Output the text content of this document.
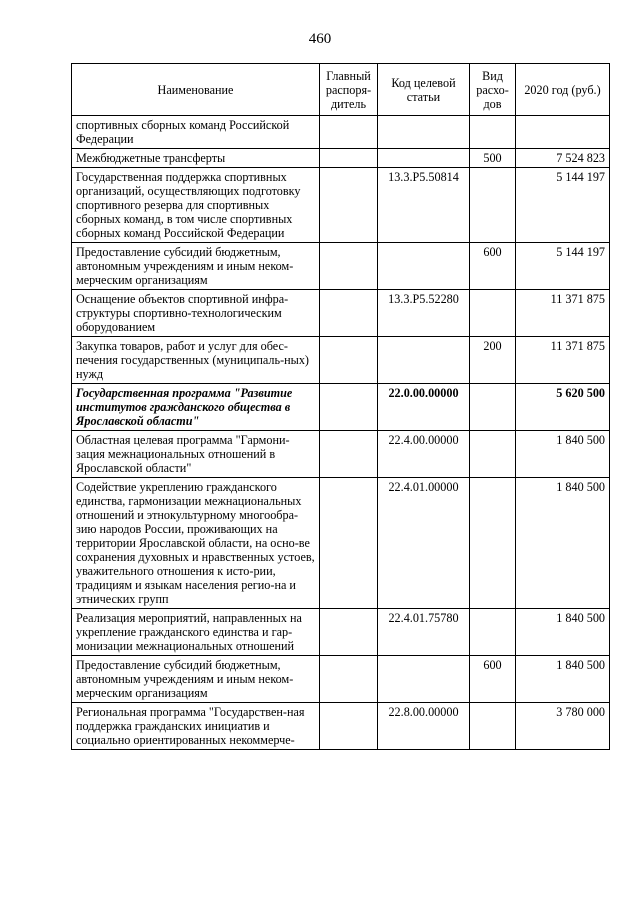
460
Наименование	Главный распоря-дитель	Код целевой статьи	Вид расхо-дов	2020 год (руб.)
спортивных сборных команд Российской Федерации				
Межбюджетные трансферты			500	7 524 823
Государственная поддержка спортивных организаций, осуществляющих подготовку спортивного резерва для спортивных сборных команд, в том числе спортивных сборных команд Российской Федерации		13.3.P5.50814		5 144 197
Предоставление субсидий бюджетным, автономным учреждениям и иным неком-мерческим организациям			600	5 144 197
Оснащение объектов спортивной инфра-структуры спортивно-технологическим оборудованием		13.3.P5.52280		11 371 875
Закупка товаров, работ и услуг для обес-печения государственных (муниципаль-ных) нужд			200	11 371 875
Государственная программа "Развитие институтов гражданского общества в Ярославской области"		22.0.00.00000		5 620 500
Областная целевая программа "Гармони-зация межнациональных отношений в Ярославской области"		22.4.00.00000		1 840 500
Содействие укреплению гражданского единства, гармонизации межнациональных отношений и этнокультурному многообра-зию народов России, проживающих на территории Ярославской области, на осно-ве сохранения духовных и нравственных устоев, уважительного отношения к исто-рии, традициям и языкам населения регио-на и этнических групп		22.4.01.00000		1 840 500
Реализация мероприятий, направленных на укрепление гражданского единства и гар-монизации межнациональных отношений		22.4.01.75780		1 840 500
Предоставление субсидий бюджетным, автономным учреждениям и иным неком-мерческим организациям			600	1 840 500
Региональная программа "Государствен-ная поддержка гражданских инициатив и социально ориентированных некоммерче-		22.8.00.00000		3 780 000
